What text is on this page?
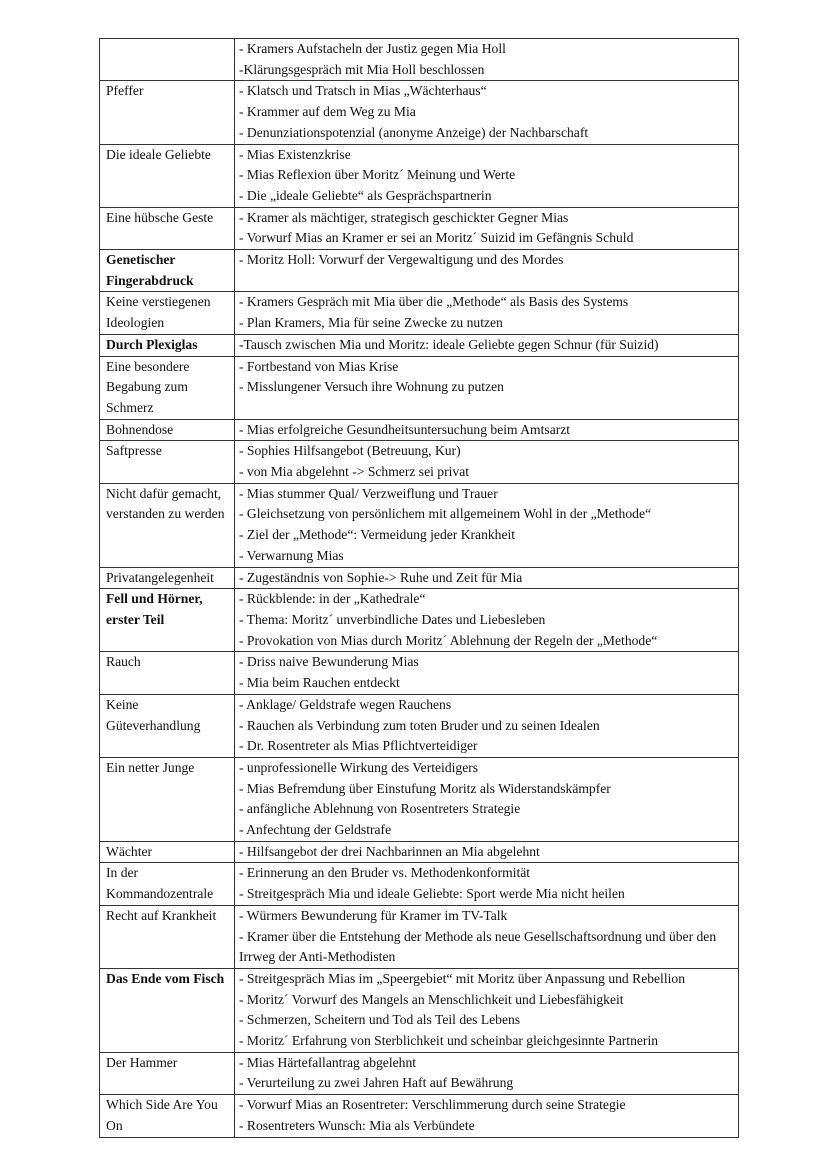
	- Kramers Aufstacheln der Justiz gegen Mia Holl
-Klärungsgespräch mit Mia Holl beschlossen

Pfeffer	- Klatsch und Tratsch in Mias „Wächterhaus“
- Krammer auf dem Weg zu Mia
- Denunziationspotenzial (anonyme Anzeige) der Nachbarschaft

Die ideale Geliebte	- Mias Existenzkrise
- Mias Reflexion über Moritz´ Meinung und Werte
- Die „ideale Geliebte“ als Gesprächspartnerin

Eine hübsche Geste	- Kramer als mächtiger, strategisch geschickter Gegner Mias
- Vorwurf Mias an Kramer er sei an Moritz´ Suizid im Gefängnis Schuld

Genetischer Fingerabdruck	- Moritz Holl: Vorwurf der Vergewaltigung und des Mordes

Keine verstiegenen Ideologien	- Kramers Gespräch mit Mia über die „Methode“ als Basis des Systems
- Plan Kramers, Mia für seine Zwecke zu nutzen

Durch Plexiglas	-Tausch zwischen Mia und Moritz: ideale Geliebte gegen Schnur (für Suizid)

Eine besondere Begabung zum Schmerz	- Fortbestand von Mias Krise
- Misslungener Versuch ihre Wohnung zu putzen

Bohnendose	- Mias erfolgreiche Gesundheitsuntersuchung beim Amtsarzt

Saftpresse	- Sophies Hilfsangebot (Betreuung, Kur)
- von Mia abgelehnt -> Schmerz sei privat

Nicht dafür gemacht, verstanden zu werden	- Mias stummer Qual/ Verzweiflung und Trauer
- Gleichsetzung von persönlichem mit allgemeinem Wohl in der „Methode“
- Ziel der „Methode“: Vermeidung jeder Krankheit
- Verwarnung Mias

Privatangelegenheit	- Zugeständnis von Sophie-> Ruhe und Zeit für Mia

Fell und Hörner, erster Teil	- Rückblende: in der „Kathedrale“
- Thema: Moritz´ unverbindliche Dates und Liebesleben
- Provokation von Mias durch Moritz´ Ablehnung der Regeln der „Methode“

Rauch	- Driss naive Bewunderung Mias
- Mia beim Rauchen entdeckt

Keine Güteverhandlung	- Anklage/ Geldstrafe wegen Rauchens
- Rauchen als Verbindung zum toten Bruder und zu seinen Idealen
- Dr. Rosentreter als Mias Pflichtverteidiger

Ein netter Junge	- unprofessionelle Wirkung des Verteidigers
- Mias Befremdung über Einstufung Moritz als Widerstandskämpfer
- anfängliche Ablehnung von Rosentreters Strategie
- Anfechtung der Geldstrafe

Wächter	- Hilfsangebot der drei Nachbarinnen an Mia abgelehnt

In der Kommandozentrale	- Erinnerung an den Bruder vs. Methodenkonformität
- Streitgespräch Mia und ideale Geliebte: Sport werde Mia nicht heilen

Recht auf Krankheit	- Würmers Bewunderung für Kramer im TV-Talk
- Kramer über die Entstehung der Methode als neue Gesellschaftsordnung und über den Irrweg der Anti-Methodisten

Das Ende vom Fisch	- Streitgespräch Mias im „Speergebiet“ mit Moritz über Anpassung und Rebellion
- Moritz´ Vorwurf des Mangels an Menschlichkeit und Liebesfähigkeit
- Schmerzen, Scheitern und Tod als Teil des Lebens
- Moritz´ Erfahrung von Sterblichkeit und scheinbar gleichgesinnte Partnerin

Der Hammer	- Mias Härtefallantrag abgelehnt
- Verurteilung zu zwei Jahren Haft auf Bewährung

Which Side Are You On	- Vorwurf Mias an Rosentreter: Verschlimmerung durch seine Strategie
- Rosentreters Wunsch: Mia als Verbündete
